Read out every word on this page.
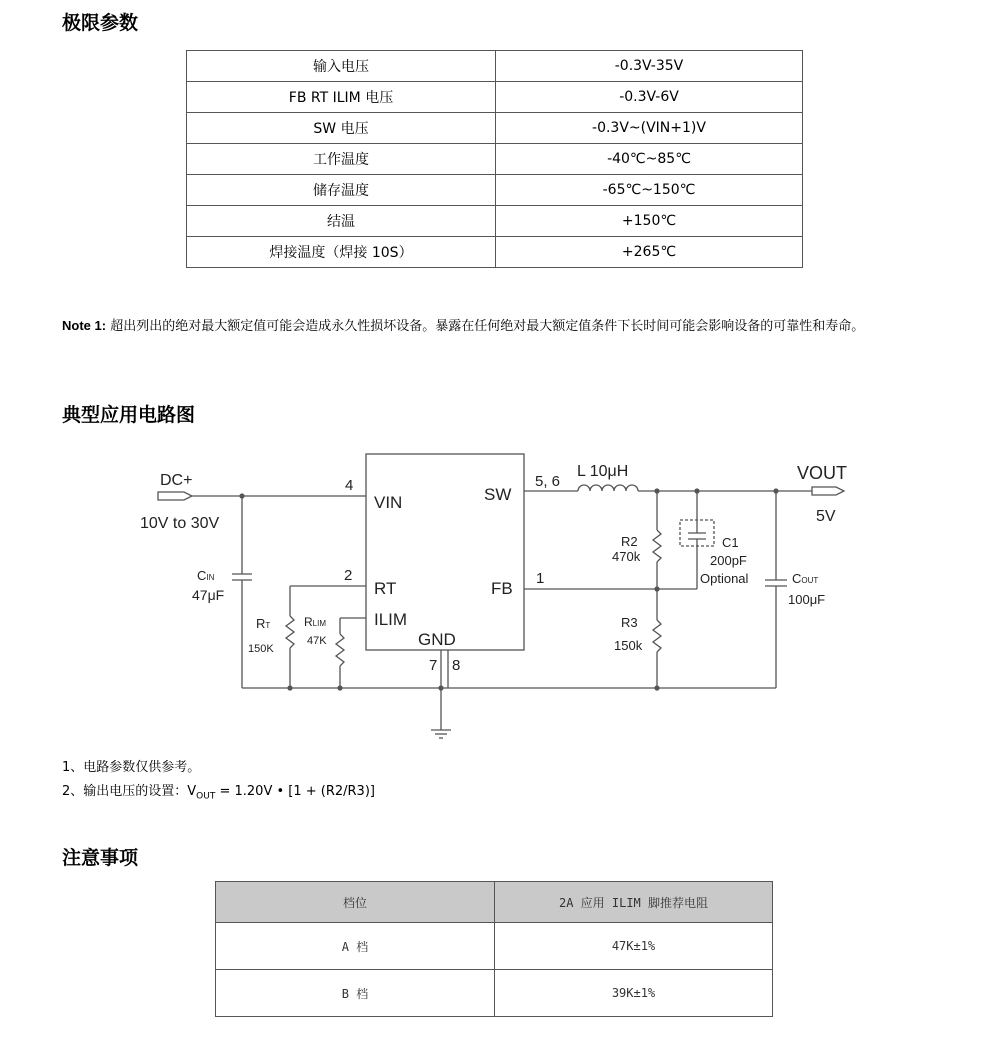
极限参数
输入电压	-0.3V-35V
FB RT ILIM 电压	-0.3V-6V
SW 电压	-0.3V~(VIN+1)V
工作温度	-40℃~85℃
储存温度	-65℃~150℃
结温	+150℃
焊接温度（焊接 10S）	+265℃

Note 1: 超出列出的绝对最大额定值可能会造成永久性损坏设备。暴露在任何绝对最大额定值条件下长时间可能会影响设备的可靠性和寿命。

典型应用电路图
DC+
10V to 30V
4
VIN	SW
5, 6
L 10μH	VOUT
5V
R2
470k
C1
200pF
Optional	COUT
100μF
CIN
47μF
2
RT	FB
1
RT
150K
RLIM
47K
ILIM
GND
7 8
R3
150k

1、电路参数仅供参考。

2、输出电压的设置：$V_{OUT} = 1.20V$ • [1 + (R2/R3)]

注意事项
档位	2A 应用 ILIM 脚推荐电阻
A 档	47K±1%
B 档	39K±1%
